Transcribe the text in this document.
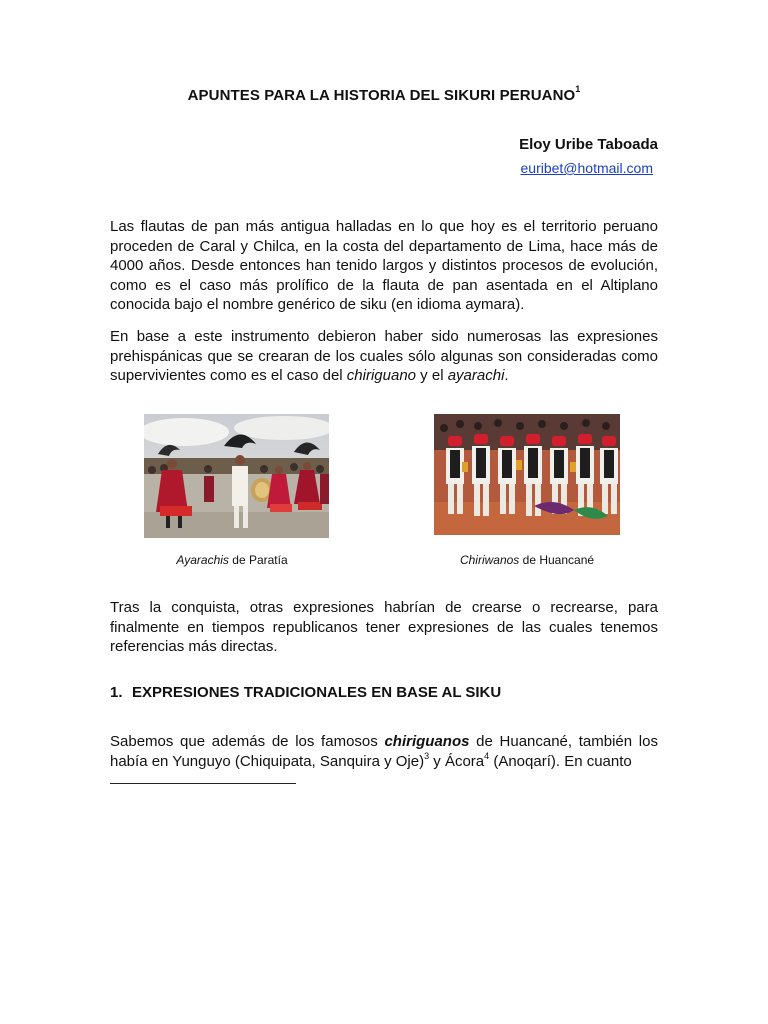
APUNTES PARA LA HISTORIA DEL SIKURI PERUANO$^1$
Eloy Uribe Taboada
euribet@hotmail.com
Las flautas de pan más antigua halladas en lo que hoy es el territorio peruano proceden de Caral y Chilca, en la costa del departamento de Lima, hace más de 4000 años. Desde entonces han tenido largos y distintos procesos de evolución, como es el caso más prolífico de la flauta de pan asentada en el Altiplano conocida bajo el nombre genérico de siku (en idioma aymara).
En base a este instrumento debieron haber sido numerosas las expresiones prehispánicas que se crearan de los cuales sólo algunas son consideradas como supervivientes como es el caso del chiriguano y el ayarachi.
Ayarachis de Paratía	Chiriwanos de Huancané
Tras la conquista, otras expresiones habrían de crearse o recrearse, para finalmente en tiempos republicanos tener expresiones de las cuales tenemos referencias más directas.
1. EXPRESIONES TRADICIONALES EN BASE AL SIKU
Sabemos que además de los famosos chiriguanos de Huancané, también los había en Yunguyo (Chiquipata, Sanquira y Oje)$^3$ y Ácora$^4$ (Anoqarí). En cuanto
